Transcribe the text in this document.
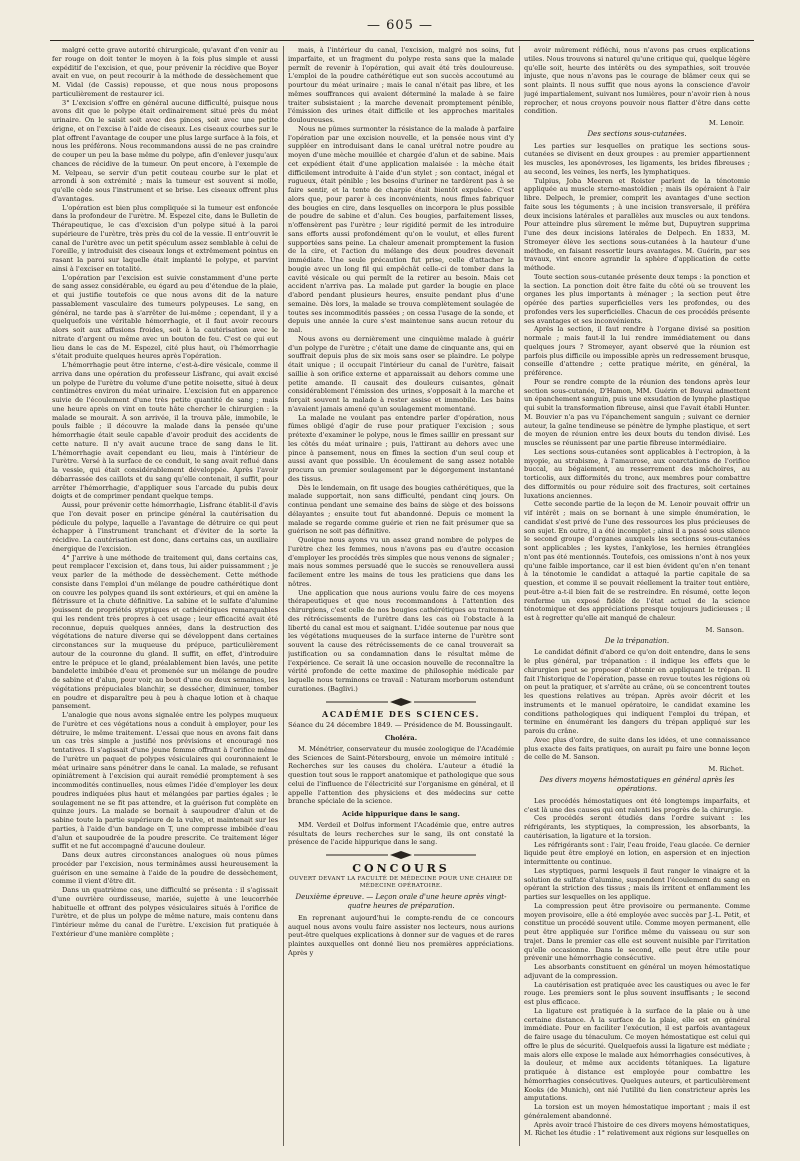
— 605 —

malgré cette grave autorité chirurgicale, qu'avant d'en venir au fer rouge on doit tenter le moyen à la fois plus simple et aussi expéditif de l'excision, et que, pour prévenir la récidive que Boyer avait en vue, on peut recourir à la méthode de dessèchement que M. Vidal (de Cassis) repousse, et que nous nous proposons particulièrement de restaurer ici.

3° L'excision s'offre en général aucune difficulté, puisque nous avons dit que le polype était ordinairement situé près du méat urinaire. On le saisit soit avec des pinces, soit avec une petite érigne, et on l'excise à l'aide de ciseaux. Les ciseaux courbes sur le plat offrent l'avantage de couper une plus large surface à la fois, et nous les préférons. Nous recommandons aussi de ne pas craindre de couper un peu la base même du polype, afin d'enlever jusqu'aux chances de récidive de la tumeur. On peut encore, à l'exemple de M. Velpeau, se servir d'un petit couteau courbe sur le plat et arrondi à son extrémité ; mais la tumeur est souvent si molle, qu'elle cède sous l'instrument et se brise. Les ciseaux offrent plus d'avantages.

L'opération est bien plus compliquée si la tumeur est enfoncée dans la profondeur de l'urètre. M. Espezel cite, dans le Bulletin de Thérapeutique, le cas d'excision d'un polype situé à la paroi supérieure de l'urètre, très près du col de la vessie. Il entr'ouvrit le canal de l'urètre avec un petit spéculum assez semblable à celui de l'oreille, y introduisit des ciseaux longs et extrêmement pointus en rasant la paroi sur laquelle était implanté le polype, et parvint ainsi à l'exciser en totalité.

L'opération par l'excision est suivie constamment d'une perte de sang assez considérable, eu égard au peu d'étendue de la plaie, et qui justifie toutefois ce que nous avons dit de la nature passablement vasculaire des tumeurs polypeuses. Le sang, en général, ne tarde pas à s'arrêter de lui-même ; cependant, il y a quelquefois une véritable hémorrhagie, et il faut avoir recours alors soit aux affusions froides, soit à la cautérisation avec le nitrate d'argent ou même avec un bouton de feu. C'est ce qui eut lieu dans le cas de M. Espezel, cité plus haut, où l'hémorrhagie s'était produite quelques heures après l'opération.

L'hémorrhagie peut être interne, c'est-à-dire vésicale, comme il arriva dans une opération du professeur Lisfranc, qui avait excisé un polype de l'urètre du volume d'une petite noisette, situé à deux centimètres environ du méat urinaire. L'excision fut en apparence suivie de l'écoulement d'une très petite quantité de sang ; mais une heure après on vint en toute hâte chercher le chirurgien : la malade se mourait. À son arrivée, il la trouva pâle, immobile, le pouls faible ; il découvre la malade dans la pensée qu'une hémorrhagie était seule capable d'avoir produit des accidents de cette nature. Il n'y avait aucune trace de sang dans le lit. L'hémorrhagie avait cependant eu lieu, mais à l'intérieur de l'urètre. Versé à la surface de ce conduit, le sang avait reflué dans la vessie, qui était considérablement développée. Après l'avoir débarrassée des caillots et du sang qu'elle contenait, il suffit, pour arrêter l'hémorrhagie, d'appliquer sous l'arcade du pubis deux doigts et de comprimer pendant quelque temps.

Aussi, pour prévenir cette hémorrhagie, Lisfranc établit-il d'avis que l'on devait poser en principe général la cautérisation du pédicule du polype, laquelle a l'avantage de détruire ce qui peut échapper à l'instrument tranchant et d'éviter de la sorte la récidive. La cautérisation est donc, dans certains cas, un auxiliaire énergique de l'excision.

4° J'arrive à une méthode de traitement qui, dans certains cas, peut remplacer l'excision et, dans tous, lui aider puissamment ; je veux parler de la méthode de dessèchement. Cette méthode consiste dans l'emploi d'un mélange de poudre cathérétique dont on couvre les polypes quand ils sont extérieurs, et qui en amène la flétrissure et la chute définitive. La sabine et le sulfate d'alumine jouissent de propriétés styptiques et cathérétiques remarquables qui les rendent très propres à cet usage ; leur efficacité avait été reconnue, depuis quelques années, dans la destruction des végétations de nature diverse qui se développent dans certaines circonstances sur la muqueuse du prépuce, particulièrement autour de la couronne du gland. Il suffit, en effet, d'introduire entre le prépuce et le gland, préalablement bien lavés, une petite bandelette imbibée d'eau et promenée sur un mélange de poudre de sabine et d'alun, pour voir, au bout d'une ou deux semaines, les végétations prépuciales blanchir, se dessécher, diminuer, tomber en poudre et disparaître peu à peu à chaque lotion et à chaque pansement.

L'analogie que nous avons signalée entre les polypes muqueux de l'urètre et ces végétations nous a conduit à employer, pour les détruire, le même traitement. L'essai que nous en avons fait dans un cas très simple a justifié nos prévisions et encouragé nos tentatives. Il s'agissait d'une jeune femme offrant à l'orifice même de l'urètre un paquet de polypes vésiculaires qui couronnaient le méat urinaire sans pénétrer dans le canal. La malade, se refusant opiniâtrement à l'excision qui aurait remédié promptement à ses incommodités continuelles, nous eûmes l'idée d'employer les deux poudres indiquées plus haut et mélangées par parties égales ; le soulagement ne se fit pas attendre, et la guérison fut complète en quinze jours. La malade se bornait à saupoudrer d'alun et de sabine toute la partie supérieure de la vulve, et maintenait sur les parties, à l'aide d'un bandage en T, une compresse imbibée d'eau d'alun et saupoudrée de la poudre prescrite. Ce traitement léger suffit et ne fut accompagné d'aucune douleur.

Dans deux autres circonstances analogues où nous pûmes procéder par l'excision, nous terminâmes aussi heureusement la guérison en une semaine à l'aide de la poudre de dessèchement, comme il vient d'être dit.

Dans un quatrième cas, une difficulté se présenta : il s'agissait d'une ouvrière ourdisseuse, mariée, sujette à une leucorrhée habituelle et offrant des polypes vésiculaires situés à l'orifice de l'urètre, et de plus un polype de même nature, mais contenu dans l'intérieur même du canal de l'urètre. L'excision fut pratiquée à l'extérieur d'une manière complète ;

mais, à l'intérieur du canal, l'excision, malgré nos soins, fut imparfaite, et un fragment du polype resta sans que la malade permît de revenir à l'opération, qui avait été très douloureuse. L'emploi de la poudre cathérétique eut son succès accoutumé au pourtour du méat urinaire ; mais le canal n'était pas libre, et les mêmes souffrances qui avaient déterminé la malade à se faire traiter subsistaient ; la marche devenait promptement pénible, l'émission des urines était difficile et les approches maritales douloureuses.

Nous ne pûmes surmonter la résistance de la malade à parfaire l'opération par une excision nouvelle, et la pensée nous vint d'y suppléer en introduisant dans le canal urétral notre poudre au moyen d'une mèche mouillée et chargée d'alun et de sabine. Mais cet expédient était d'une application malaisée : la mèche était difficilement introduite à l'aide d'un stylet ; son contact, inégal et rugueux, était pénible ; les besoins d'uriner ne tardèrent pas à se faire sentir, et la tente de charpie était bientôt expulsée. C'est alors que, pour parer à ces inconvénients, nous fîmes fabriquer des bougies en cire, dans lesquelles on incorpora le plus possible de poudre de sabine et d'alun. Ces bougies, parfaitement lisses, n'offensèrent pas l'urètre ; leur rigidité permit de les introduire sans efforts aussi profondément qu'on le voulut, et elles furent supportées sans peine. La chaleur amenait promptement la fusion de la cire, et l'action du mélange des deux poudres devenait immédiate. Une seule précaution fut prise, celle d'attacher la bougie avec un long fil qui empêchât celle-ci de tomber dans la cavité vésicale ou qui permît de la retirer au besoin. Mais cet accident n'arriva pas. La malade put garder la bougie en place d'abord pendant plusieurs heures, ensuite pendant plus d'une semaine. Dès lors, la malade se trouva complètement soulagée de toutes ses incommodités passées ; on cessa l'usage de la sonde, et depuis une année la cure s'est maintenue sans aucun retour du mal.

Nous avons eu dernièrement une cinquième malade à guérir d'un polype de l'urètre ; c'était une dame de cinquante ans, qui en souffrait depuis plus de six mois sans oser se plaindre. Le polype était unique ; il occupait l'intérieur du canal de l'urètre, faisait saillie à son orifice externe et apparaissait au dehors comme une petite amande. Il causait des douleurs cuisantes, gênait considérablement l'émission des urines, s'opposait à la marche et forçait souvent la malade à rester assise et immobile. Les bains n'avaient jamais amené qu'un soulagement momentané.

La malade ne voulant pas entendre parler d'opération, nous fûmes obligé d'agir de ruse pour pratiquer l'excision ; sous prétexte d'examiner le polype, nous le fîmes saillir en pressant sur les côtés du méat urinaire ; puis, l'attirant au dehors avec une pince à pansement, nous en fîmes la section d'un seul coup et aussi avant que possible. Un écoulement de sang assez notable procura un premier soulagement par le dégorgement instantané des tissus.

Dès le lendemain, on fit usage des bougies cathérétiques, que la malade supportait, non sans difficulté, pendant cinq jours. On continua pendant une semaine des bains de siège et des boissons délayantes ; ensuite tout fut abandonné. Depuis ce moment la malade se regarde comme guérie et rien ne fait présumer que sa guérison ne soit pas définitive.

Quoique nous ayons vu un assez grand nombre de polypes de l'urètre chez les femmes, nous n'avons pas eu d'autre occasion d'employer les procédés très simples que nous venons de signaler ; mais nous sommes persuadé que le succès se renouvellera aussi facilement entre les mains de tous les praticiens que dans les nôtres.

Une application que nous aurions voulu faire de ces moyens thérapeutiques et que nous recommandons à l'attention des chirurgiens, c'est celle de nos bougies cathérétiques au traitement des rétrécissements de l'urètre dans les cas où l'obstacle à la liberté du canal est mou et saignant. L'idée soutenue par nous que les végétations muqueuses de la surface interne de l'urètre sont souvent la cause des rétrécissements de ce canal trouverait sa justification ou sa condamnation dans le résultat même de l'expérience. Ce serait là une occasion nouvelle de reconnaître la vérité profonde de cette maxime de philosophie médicale par laquelle nous terminons ce travail : Naturam morborum ostendunt curationes. (Baglivi.)

ACADÉMIE DES SCIENCES.
Séance du 24 décembre 1849. — Présidence de M. Boussingault.
Choléra.

M. Ménétrier, conservateur du musée zoologique de l'Académie des Sciences de Saint-Pétersbourg, envoie un mémoire intitulé : Recherches sur les causes du choléra. L'auteur a étudié la question tout sous le rapport anatomique et pathologique que sous celui de l'influence de l'électricité sur l'organisme en général, et il appelle l'attention des physiciens et des médecins sur cette branche spéciale de la science.

Acide hippurique dans le sang.

MM. Verdeil et Dolfus informent l'Académie que, entre autres résultats de leurs recherches sur le sang, ils ont constaté la présence de l'acide hippurique dans le sang.

CONCOURS
OUVERT DEVANT LA FACULTÉ DE MÉDECINE POUR UNE CHAIRE DE MÉDECINE OPÉRATOIRE.
Deuxième épreuve. — Leçon orale d'une heure après vingt-quatre heures de préparation.

En reprenant aujourd'hui le compte-rendu de ce concours auquel nous avons voulu faire assister nos lecteurs, nous aurions peut-être quelques explications à donner sur de vagues et de rares plaintes auxquelles ont donné lieu nos premières appréciations. Après y

avoir mûrement réfléchi, nous n'avons pas crues explications utiles. Nous trouvons si naturel qu'une critique qui, quelque légère qu'elle soit, heurte des intérêts ou des sympathies, soit trouvée injuste, que nous n'avons pas le courage de blâmer ceux qui se sont plaints. Il nous suffit que nous ayons la conscience d'avoir jugé impartialement, suivant nos lumières, pour n'avoir rien à nous reprocher, et nous croyons pouvoir nous flatter d'être dans cette condition.

M. Lenoir.
Des sections sous-cutanées.

Les parties sur lesquelles on pratique les sections sous-cutanées se divisent en deux groupes : au premier appartiennent les muscles, les aponévroses, les ligaments, les brides fibreuses ; au second, les veines, les nerfs, les lymphatiques.

Tulpius, Joba Meeren et Roister parlent de la ténotomie appliquée au muscle sterno-mastoïdien ; mais ils opéraient à l'air libre. Delpech, le premier, comprit les avantages d'une section faite sous les téguments ; à une incision transversale, il préféra deux incisions latérales et parallèles aux muscles ou aux tendons. Pour atteindre plus sûrement le même but, Dupuytren supprima l'une des deux incisions latérales de Delpech. En 1833, M. Stromeyer élève les sections sous-cutanées à la hauteur d'une méthode, en faisant ressortir leurs avantages. M. Guérin, par ses travaux, vint encore agrandir la sphère d'application de cette méthode.

Toute section sous-cutanée présente deux temps : la ponction et la section. La ponction doit être faite du côté où se trouvent les organes les plus importants à ménager ; la section peut être opérée des parties superficielles vers les profondes, ou des profondes vers les superficielles. Chacun de ces procédés présente ses avantages et ses inconvénients.

Après la section, il faut rendre à l'organe divisé sa position normale ; mais faut-il la lui rendre immédiatement ou dans quelques jours ? Stromeyer, ayant observé que la réunion est parfois plus difficile ou impossible après un redressement brusque, conseille d'attendre ; cette pratique mérite, en général, la préférence.

Pour se rendre compte de la réunion des tendons après leur section sous-cutanée, D'Hamon, MM. Guérin et Bouvai admettent un épanchement sanguin, puis une exsudation de lymphe plastique qui subit la transformation fibreuse, ainsi que l'avait établi Hunter. M. Bouvier n'a pas vu l'épanchement sanguin ; suivant ce dernier auteur, la gaîne tendineuse se pénètre de lymphe plastique, et sert de moyen de réunion entre les deux bouts du tendon divisé. Les muscles se réunissent par une partie fibreuse intermédiaire.

Les sections sous-cutanées sont applicables à l'ectropion, à la myopie, au strabisme, à l'amaurose, aux coarctations de l'orifice buccal, au bégaiement, au resserrement des mâchoires, au torticolis, aux difformités du tronc, aux membres pour combattre des difformités ou pour réduire soit des fractures, soit certaines luxations anciennes.

Cette seconde partie de la leçon de M. Lenoir pouvait offrir un vif intérêt ; mais on se bornant à une simple énumération, le candidat s'est privé de l'une des ressources les plus précieuses de son sujet. En outre, il a été incomplet ; ainsi il a passé sous silence le second groupe d'organes auxquels les sections sous-cutanées sont applicables ; les kystes, l'ankylose, les hernies étranglées n'ont pas été mentionnés. Toutefois, ces omissions n'ont à nos yeux qu'une faible importance, car il est bien évident qu'en n'en tenant à la ténotomie le candidat a attaqué la partie capitale de sa question, et comme il se pouvait réellement la traiter tout entière, peut-être a-t-il bien fait de se restreindre. En résumé, cette leçon renferme un exposé fidèle de l'état actuel de la science ténotomique et des appréciations presque toujours judicieuses ; il est à regretter qu'elle ait manqué de chaleur.

M. Sanson.
De la trépanation.

Le candidat définit d'abord ce qu'on doit entendre, dans le sens le plus général, par trépanation : il indique les effets que le chirurgien peut se proposer d'obtenir en appliquant le trépan. Il fait l'historique de l'opération, passe en revue toutes les régions où on peut la pratiquer, et s'arrête au crâne, où se concentrent toutes les questions relatives au trépan. Après avoir décrit et les instruments et le manuel opératoire, le candidat examine les conditions pathologiques qui indiquent l'emploi du trépan, et termine en énumérant les dangers du trépan appliqué sur les parois du crâne.

Avec plus d'ordre, de suite dans les idées, et une connaissance plus exacte des faits pratiques, on aurait pu faire une bonne leçon de celle de M. Sanson.

M. Richet.
Des divers moyens hémostatiques en général après les opérations.

Les procédés hémostatiques ont été longtemps imparfaits, et c'est là une des causes qui ont ralenti les progrès de la chirurgie.

Ces procédés seront étudiés dans l'ordre suivant : les réfrigérants, les styptiques, la compression, les absorbants, la cautérisation, la ligature et la torsion.

Les réfrigérants sont : l'air, l'eau froide, l'eau glacée. Ce dernier liquide peut être employé en lotion, en aspersion et en injection intermittente ou continue.

Les styptiques, parmi lesquels il faut ranger le vinaigre et la solution de sulfate d'alumine, suspendent l'écoulement du sang en opérant la striction des tissus ; mais ils irritent et enflamment les parties sur lesquelles on les applique.

La compression peut être provisoire ou permanente. Comme moyen provisoire, elle a été employée avec succès par J.-L. Petit, et constitue un procédé souvent utile. Comme moyen permanent, elle peut être appliquée sur l'orifice même du vaisseau ou sur son trajet. Dans le premier cas elle est souvent nuisible par l'irritation qu'elle occasionne. Dans le second, elle peut être utile pour prévenir une hémorrhagie consécutive.

Les absorbants constituent en général un moyen hémostatique adjuvant de la compression.

La cautérisation est pratiquée avec les caustiques ou avec le fer rouge. Les premiers sont le plus souvent insuffisants ; le second est plus efficace.

La ligature est pratiquée à la surface de la plaie ou à une certaine distance. À la surface de la plaie, elle est en général immédiate. Pour en faciliter l'exécution, il est parfois avantageux de faire usage du ténaculum. Ce moyen hémostatique est celui qui offre le plus de sécurité. Quelquefois aussi la ligature est médiate ; mais alors elle expose le malade aux hémorrhagies consécutives, à la douleur, et même aux accidents tétaniques. La ligature pratiquée à distance est employée pour combattre les hémorrhagies consécutives. Quelques auteurs, et particulièrement Kooks (de Munich), ont nié l'utilité du lien constricteur après les amputations.

La torsion est un moyen hémostatique important ; mais il est généralement abandonné.

Après avoir tracé l'histoire de ces divers moyens hémostatiques, M. Richet les étudie : 1° relativement aux régions sur lesquelles on
